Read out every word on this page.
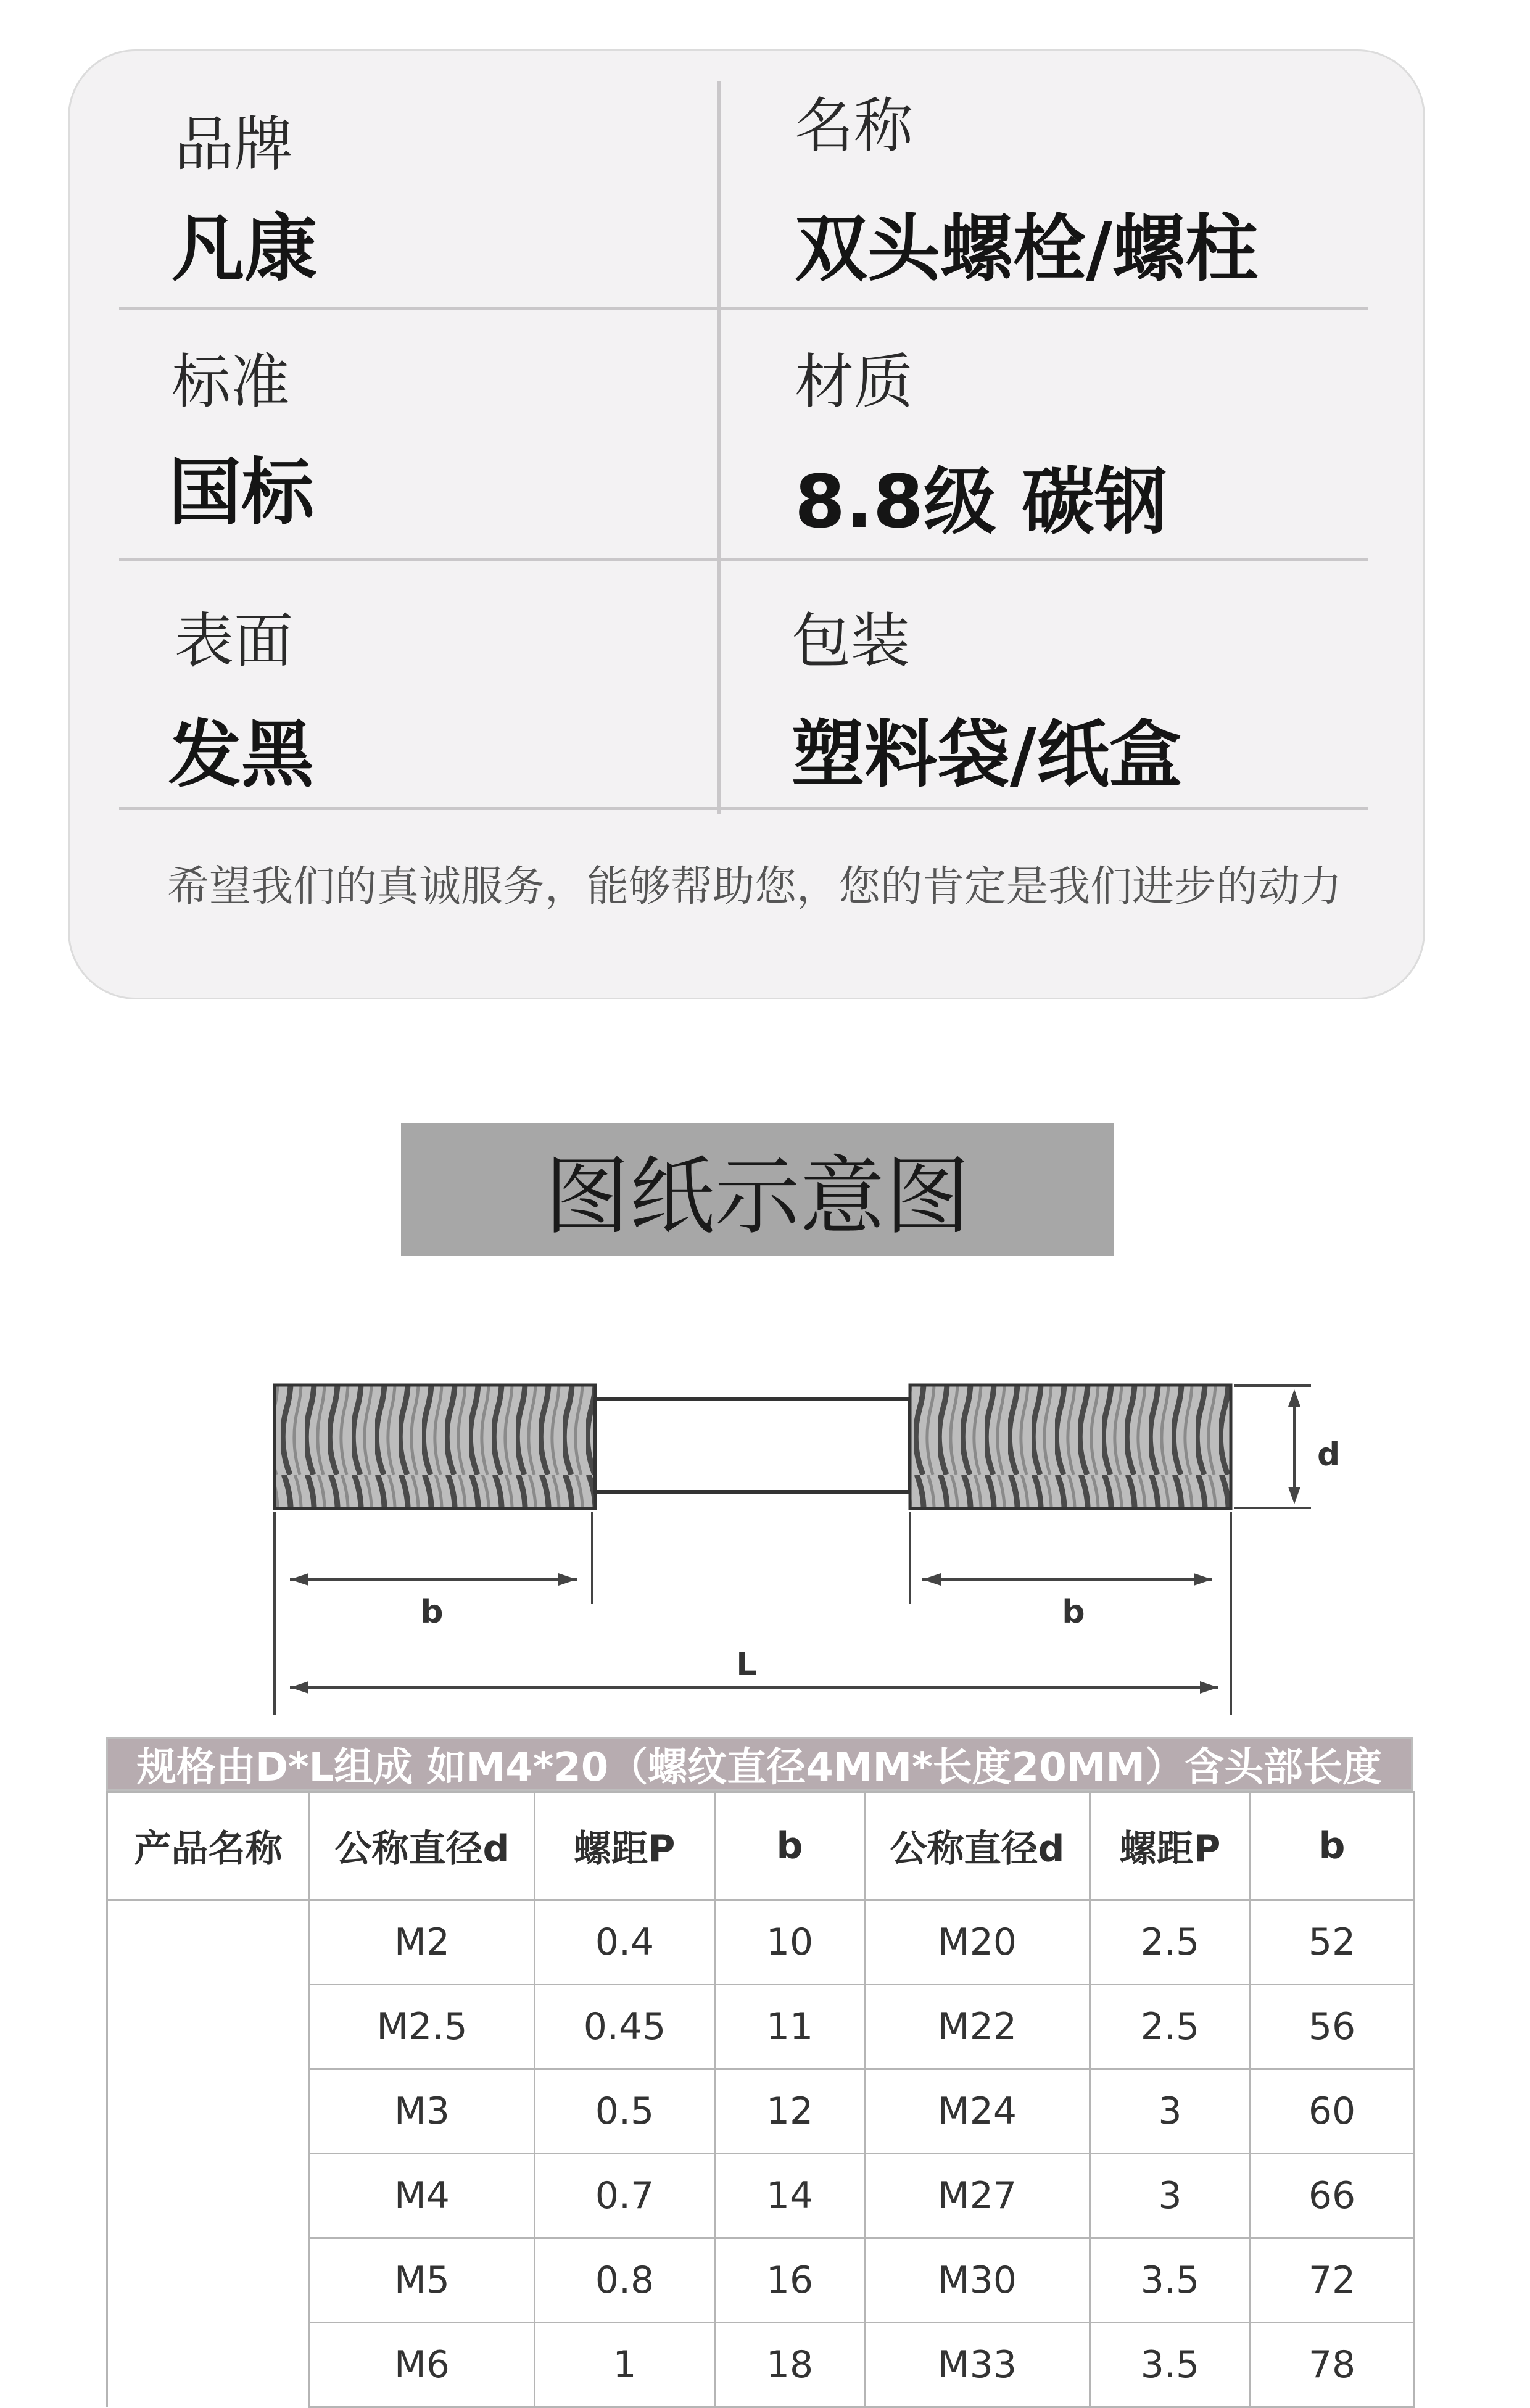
品牌
凡康
名称
双头螺栓/螺柱
标准
国标
材质
8.8级 碳钢
表面
发黑
包装
塑料袋/纸盒
希望我们的真诚服务，能够帮助您，您的肯定是我们进步的动力
图纸示意图
d
b	b
L
规格由D*L组成 如M4*20（螺纹直径4MM*长度20MM）含头部长度
产品名称	公称直径d	螺距P	b	公称直径d	螺距P	b
	M2	0.4	10	M20	2.5	52
	M2.5	0.45	11	M22	2.5	56
	M3	0.5	12	M24	3	60
	M4	0.7	14	M27	3	66
	M5	0.8	16	M30	3.5	72
	M6	1	18	M33	3.5	78
